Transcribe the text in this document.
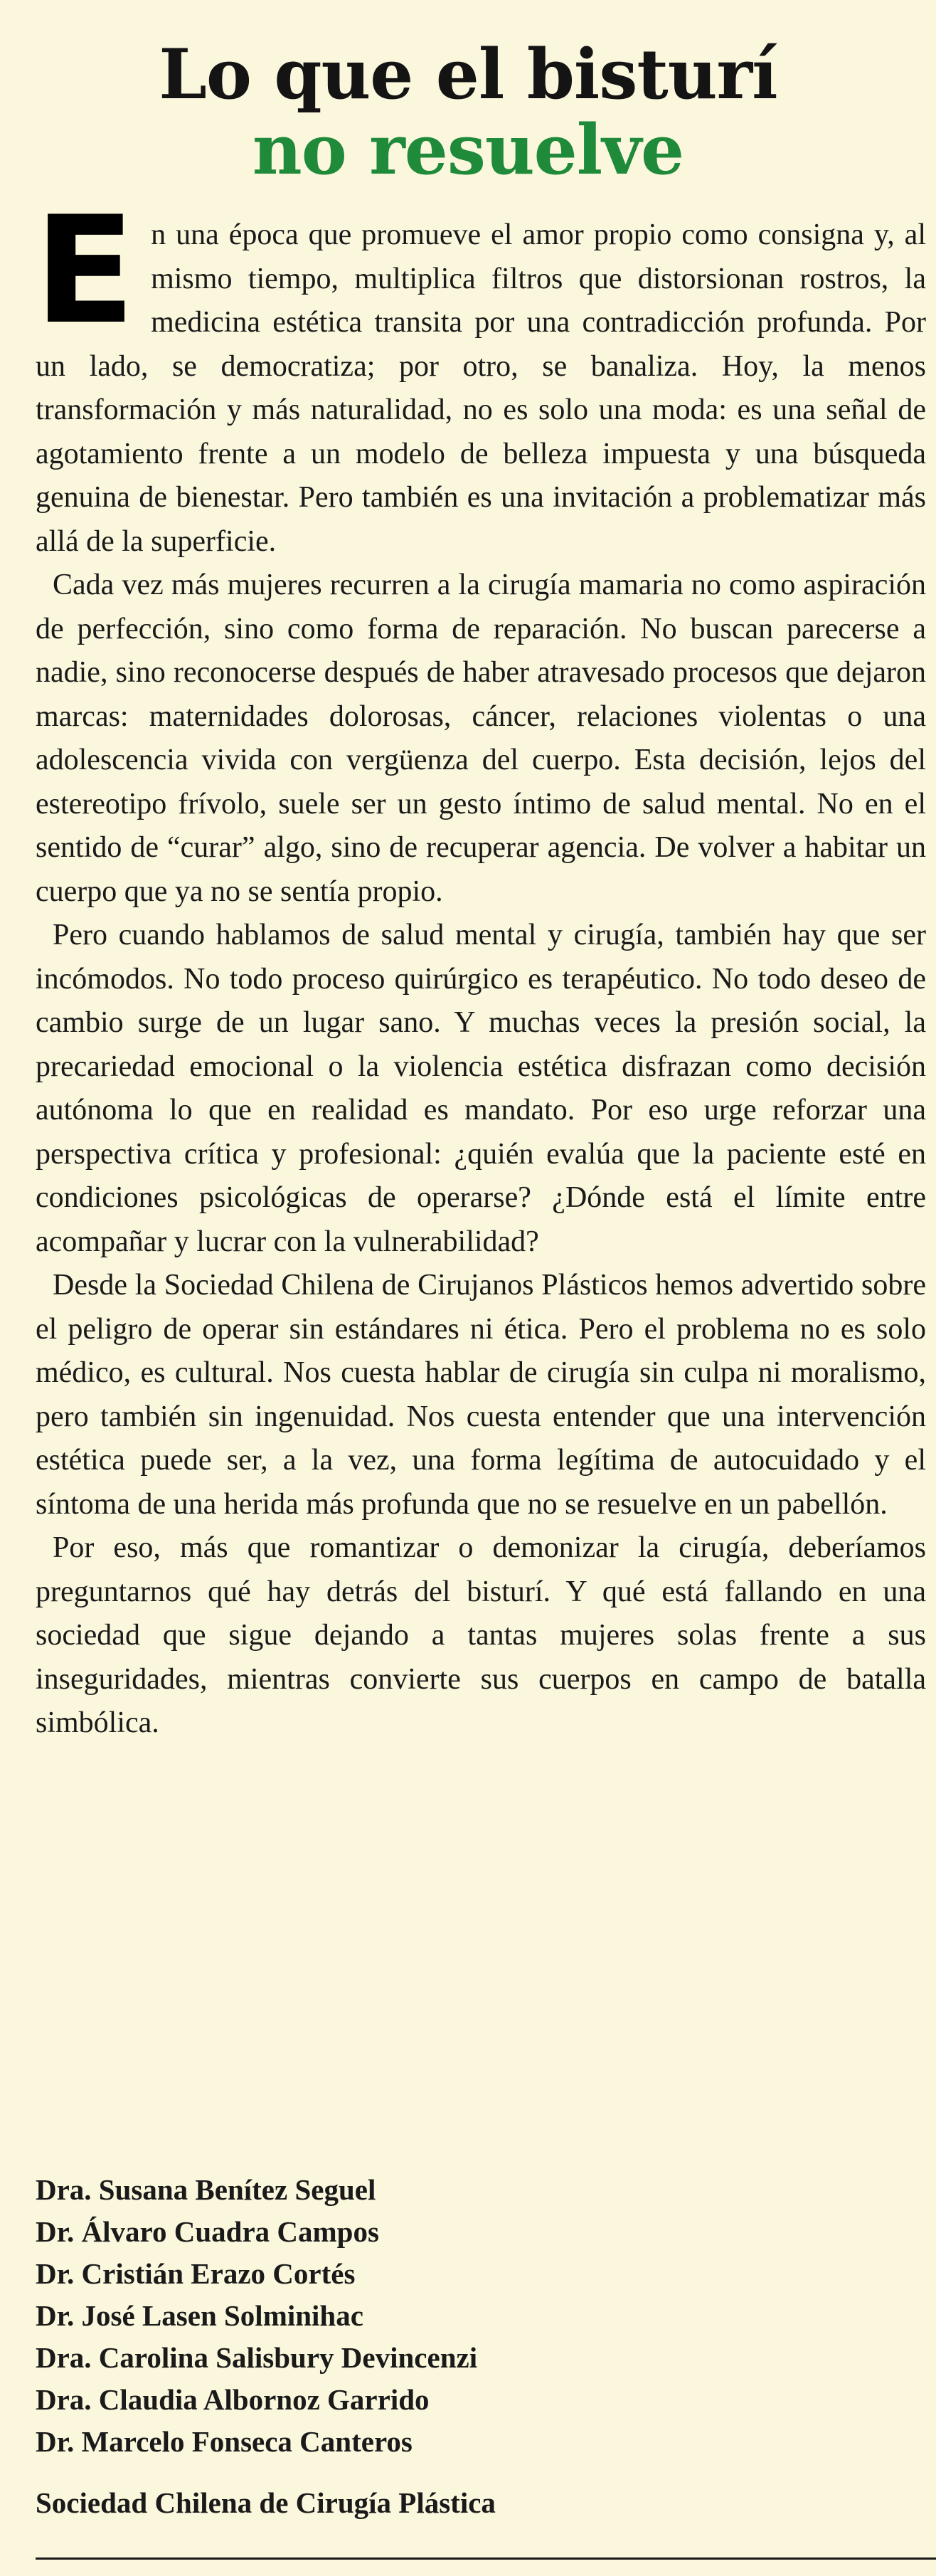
Lo que el bisturí
no resuelve

En una época que promueve el amor propio como consigna y, al mismo tiempo, multiplica filtros que distorsionan rostros, la medicina estética transita por una contradicción profunda. Por un lado, se democratiza; por otro, se banaliza. Hoy, la menos transformación y más naturalidad, no es solo una moda: es una señal de agotamiento frente a un modelo de belleza impuesta y una búsqueda genuina de bienestar. Pero también es una invitación a problematizar más allá de la superficie.

Cada vez más mujeres recurren a la cirugía mamaria no como aspiración de perfección, sino como forma de reparación. No buscan parecerse a nadie, sino reconocerse después de haber atravesado procesos que dejaron marcas: maternidades dolorosas, cáncer, relaciones violentas o una adolescencia vivida con vergüenza del cuerpo. Esta decisión, lejos del estereotipo frívolo, suele ser un gesto íntimo de salud mental. No en el sentido de “curar” algo, sino de recuperar agencia. De volver a habitar un cuerpo que ya no se sentía propio.

Pero cuando hablamos de salud mental y cirugía, también hay que ser incómodos. No todo proceso quirúrgico es terapéutico. No todo deseo de cambio surge de un lugar sano. Y muchas veces la presión social, la precariedad emocional o la violencia estética disfrazan como decisión autónoma lo que en realidad es mandato. Por eso urge reforzar una perspectiva crítica y profesional: ¿quién evalúa que la paciente esté en condiciones psicológicas de operarse? ¿Dónde está el límite entre acompañar y lucrar con la vulnerabilidad?

Desde la Sociedad Chilena de Cirujanos Plásticos hemos advertido sobre el peligro de operar sin estándares ni ética. Pero el problema no es solo médico, es cultural. Nos cuesta hablar de cirugía sin culpa ni moralismo, pero también sin ingenuidad. Nos cuesta entender que una intervención estética puede ser, a la vez, una forma legítima de autocuidado y el síntoma de una herida más profunda que no se resuelve en un pabellón.

Por eso, más que romantizar o demonizar la cirugía, deberíamos preguntarnos qué hay detrás del bisturí. Y qué está fallando en una sociedad que sigue dejando a tantas mujeres solas frente a sus inseguridades, mientras convierte sus cuerpos en campo de batalla simbólica.

Dra. Susana Benítez Seguel
Dr. Álvaro Cuadra Campos
Dr. Cristián Erazo Cortés
Dr. José Lasen Solminihac
Dra. Carolina Salisbury Devincenzi
Dra. Claudia Albornoz Garrido
Dr. Marcelo Fonseca Canteros
Sociedad Chilena de Cirugía Plástica
